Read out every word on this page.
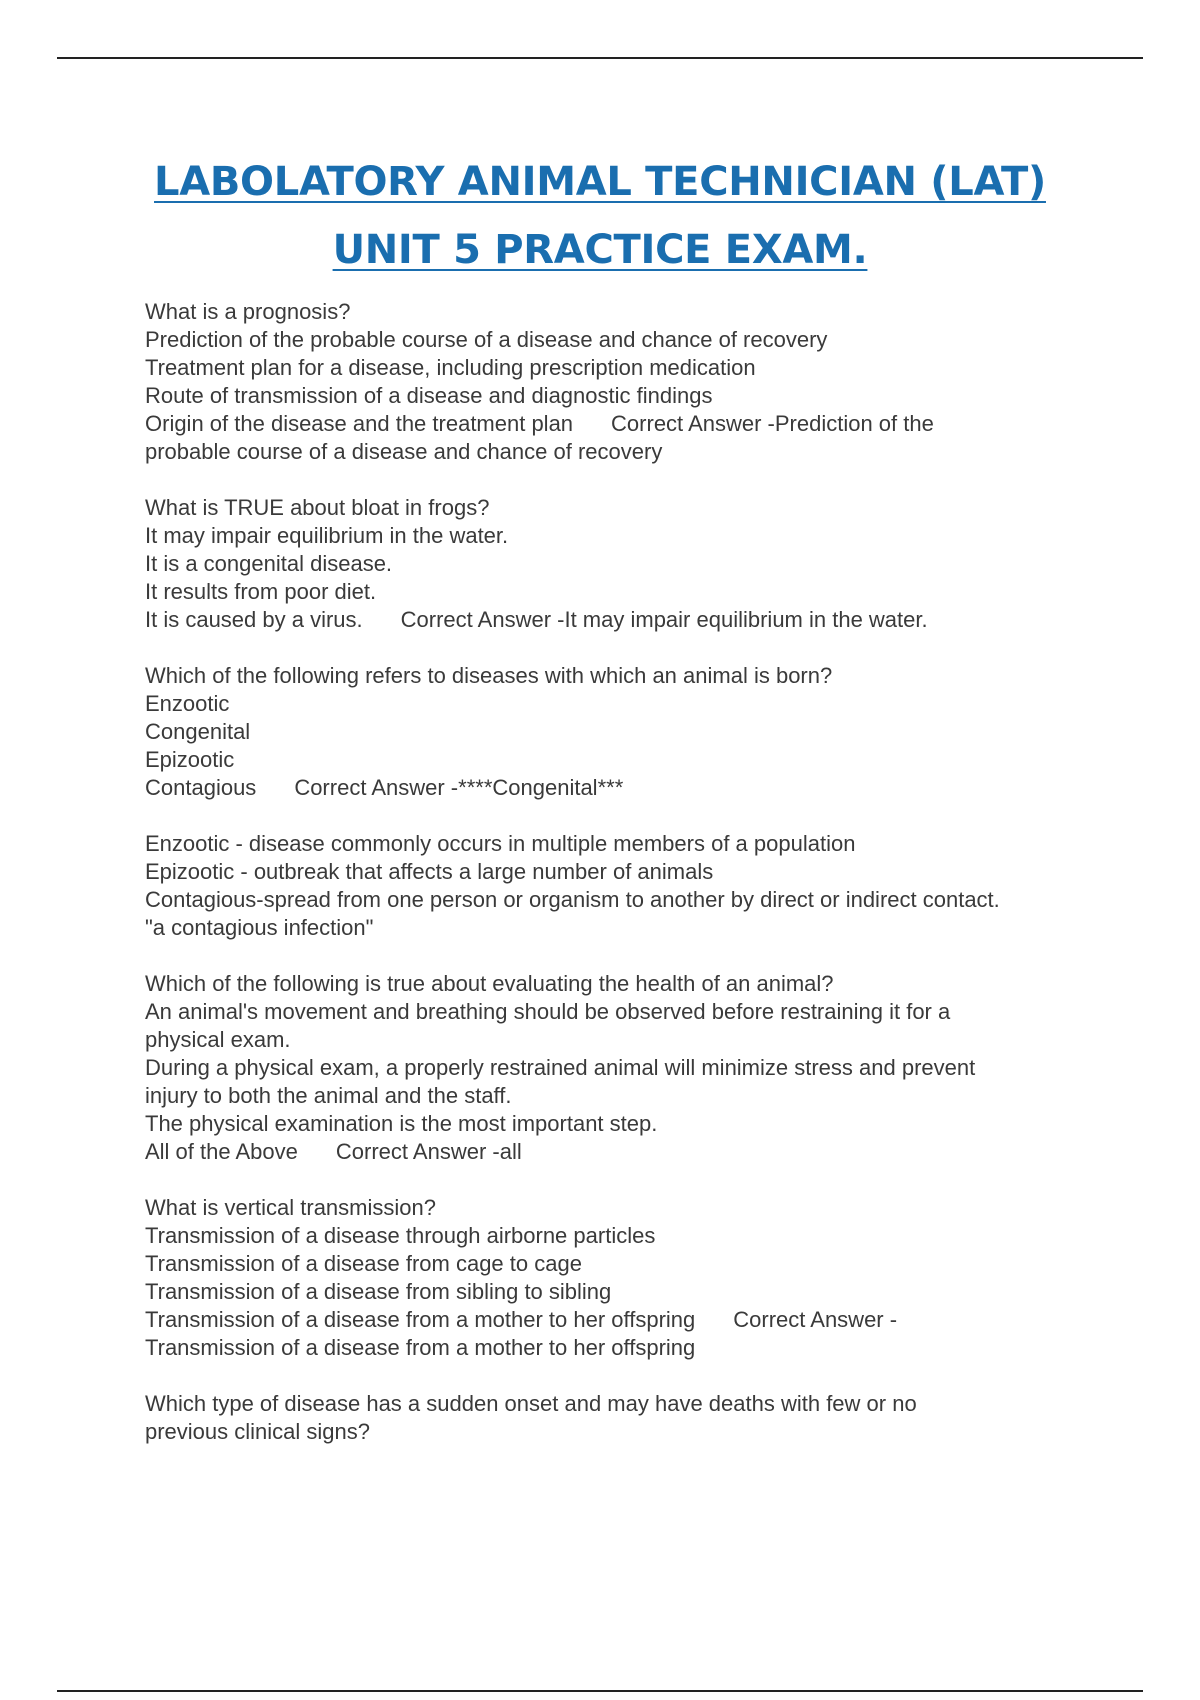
LABOLATORY ANIMAL TECHNICIAN (LAT)
UNIT 5 PRACTICE EXAM.
What is a prognosis?
Prediction of the probable course of a disease and chance of recovery
Treatment plan for a disease, including prescription medication
Route of transmission of a disease and diagnostic findings
Origin of the disease and the treatment plan Correct Answer -Prediction of the
probable course of a disease and chance of recovery
What is TRUE about bloat in frogs?
It may impair equilibrium in the water.
It is a congenital disease.
It results from poor diet.
It is caused by a virus. Correct Answer -It may impair equilibrium in the water.
Which of the following refers to diseases with which an animal is born?
Enzootic
Congenital
Epizootic
Contagious Correct Answer -****Congenital***
Enzootic - disease commonly occurs in multiple members of a population
Epizootic - outbreak that affects a large number of animals
Contagious-spread from one person or organism to another by direct or indirect contact.
"a contagious infection"
Which of the following is true about evaluating the health of an animal?
An animal's movement and breathing should be observed before restraining it for a
physical exam.
During a physical exam, a properly restrained animal will minimize stress and prevent
injury to both the animal and the staff.
The physical examination is the most important step.
All of the Above Correct Answer -all
What is vertical transmission?
Transmission of a disease through airborne particles
Transmission of a disease from cage to cage
Transmission of a disease from sibling to sibling
Transmission of a disease from a mother to her offspring Correct Answer -
Transmission of a disease from a mother to her offspring
Which type of disease has a sudden onset and may have deaths with few or no
previous clinical signs?
